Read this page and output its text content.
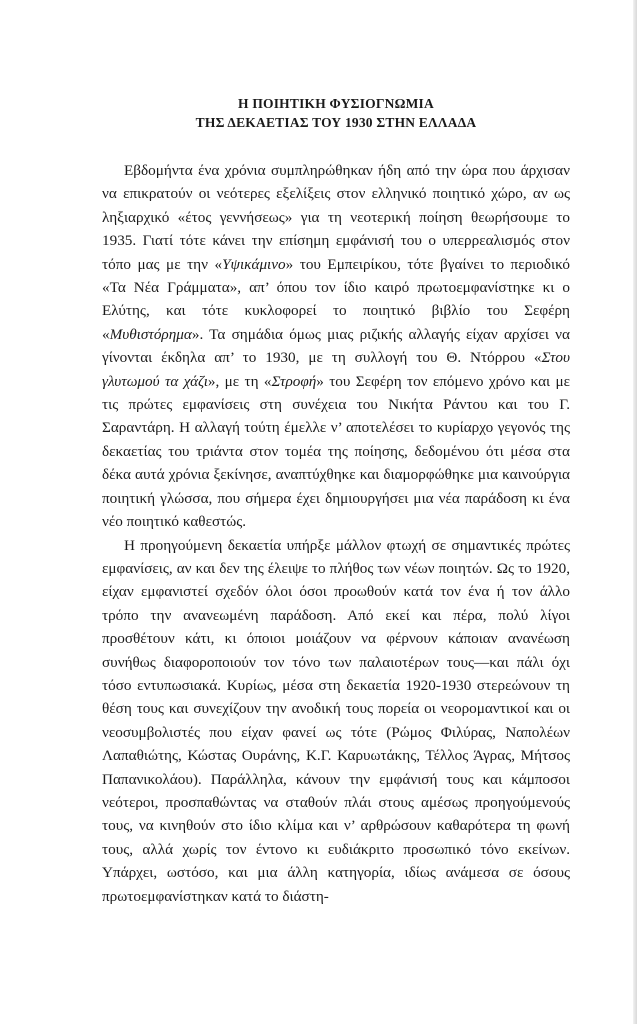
Η ΠΟΙΗΤΙΚΗ ΦΥΣΙΟΓΝΩΜΙΑ
ΤΗΣ ΔΕΚΑΕΤΙΑΣ ΤΟΥ 1930 ΣΤΗΝ ΕΛΛΑΔΑ

Εβδομήντα ένα χρόνια συμπληρώθηκαν ήδη από την ώρα που άρχισαν να επικρατούν οι νεότερες εξελίξεις στον ελληνικό ποιητικό χώρο, αν ως ληξιαρχικό «έτος γεννήσεως» για τη νεοτερική ποίηση θεωρήσουμε το 1935. Γιατί τότε κάνει την επίσημη εμφάνισή του ο υπερρεαλισμός στον τόπο μας με την «Υψικάμινο» του Εμπειρίκου, τότε βγαίνει το περιοδικό «Τα Νέα Γράμματα», απ’ όπου τον ίδιο καιρό πρωτοεμφανίστηκε κι ο Ελύτης, και τότε κυκλοφορεί το ποιητικό βιβλίο του Σεφέρη «Μυθιστόρημα». Τα σημάδια όμως μιας ριζικής αλλαγής είχαν αρχίσει να γίνονται έκδηλα απ’ το 1930, με τη συλλογή του Θ. Ντόρρου «Στου γλυτωμού τα χάζι», με τη «Στροφή» του Σεφέρη τον επόμενο χρόνο και με τις πρώτες εμφανίσεις στη συνέχεια του Νικήτα Ράντου και του Γ. Σαραντάρη. Η αλλαγή τούτη έμελλε ν’ αποτελέσει το κυρίαρχο γεγονός της δεκαετίας του τριάντα στον τομέα της ποίησης, δεδομένου ότι μέσα στα δέκα αυτά χρόνια ξεκίνησε, αναπτύχθηκε και διαμορφώθηκε μια καινούργια ποιητική γλώσσα, που σήμερα έχει δημιουργήσει μια νέα παράδοση κι ένα νέο ποιητικό καθεστώς.

Η προηγούμενη δεκαετία υπήρξε μάλλον φτωχή σε σημαντικές πρώτες εμφανίσεις, αν και δεν της έλειψε το πλήθος των νέων ποιητών. Ως το 1920, είχαν εμφανιστεί σχεδόν όλοι όσοι προωθούν κατά τον ένα ή τον άλλο τρόπο την ανανεωμένη παράδοση. Από εκεί και πέρα, πολύ λίγοι προσθέτουν κάτι, κι όποιοι μοιάζουν να φέρνουν κάποιαν ανανέωση συνήθως διαφοροποιούν τον τόνο των παλαιοτέρων τους—και πάλι όχι τόσο εντυπωσιακά. Κυρίως, μέσα στη δεκαετία 1920-1930 στερεώνουν τη θέση τους και συνεχίζουν την ανοδική τους πορεία οι νεορομαντικοί και οι νεοσυμβολιστές που είχαν φανεί ως τότε (Ρώμος Φιλύρας, Ναπολέων Λαπαθιώτης, Κώστας Ουράνης, Κ.Γ. Καρυωτάκης, Τέλλος Άγρας, Μήτσος Παπανικολάου). Παράλληλα, κάνουν την εμφάνισή τους και κάμποσοι νεότεροι, προσπαθώντας να σταθούν πλάι στους αμέσως προηγούμενούς τους, να κινηθούν στο ίδιο κλίμα και ν’ αρθρώσουν καθαρότερα τη φωνή τους, αλλά χωρίς τον έντονο κι ευδιάκριτο προσωπικό τόνο εκείνων. Υπάρχει, ωστόσο, και μια άλλη κατηγορία, ιδίως ανάμεσα σε όσους πρωτοεμφανίστηκαν κατά το διάστη-
